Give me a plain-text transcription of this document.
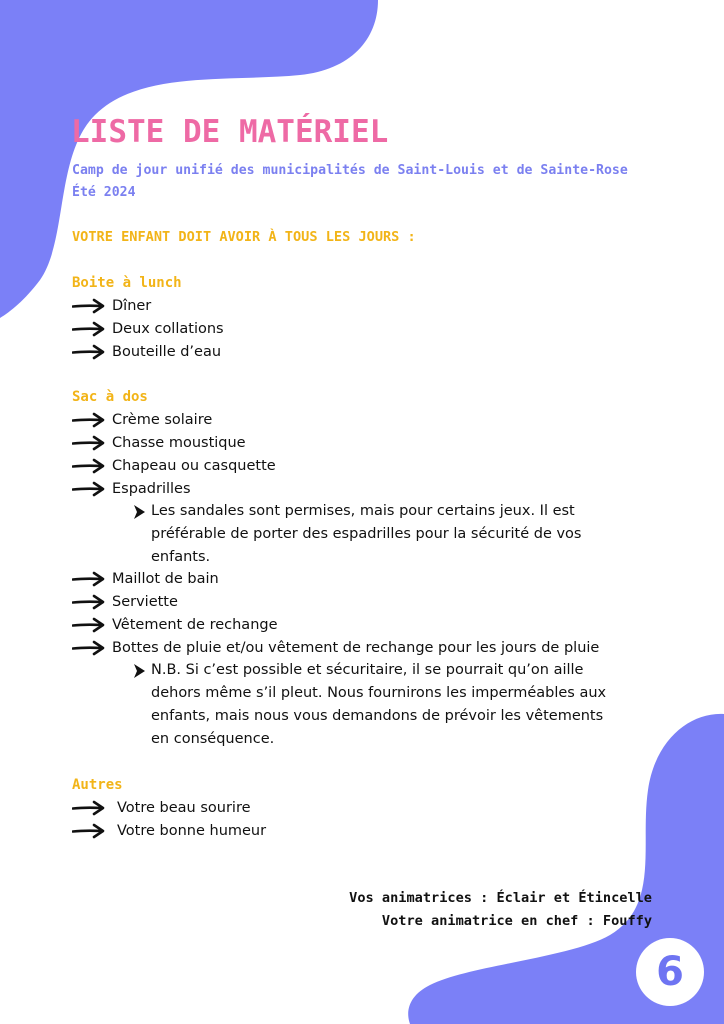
LISTE DE MATÉRIEL
Camp de jour unifié des municipalités de Saint-Louis et de Sainte-Rose
Été 2024
VOTRE ENFANT DOIT AVOIR À TOUS LES JOURS :
Boite à lunch
Dîner
Deux collations
Bouteille d’eau
Sac à dos
Crème solaire
Chasse moustique
Chapeau ou casquette
Espadrilles
Les sandales sont permises, mais pour certains jeux. Il est préférable de porter des espadrilles pour la sécurité de vos enfants.
Maillot de bain
Serviette
Vêtement de rechange
Bottes de pluie et/ou vêtement de rechange pour les jours de pluie
N.B. Si c’est possible et sécuritaire, il se pourrait qu’on aille dehors même s’il pleut. Nous fournirons les imperméables aux enfants, mais nous vous demandons de prévoir les vêtements en conséquence.
Autres
Votre beau sourire
Votre bonne humeur
Vos animatrices : Éclair et Étincelle
Votre animatrice en chef : Fouffy
6
